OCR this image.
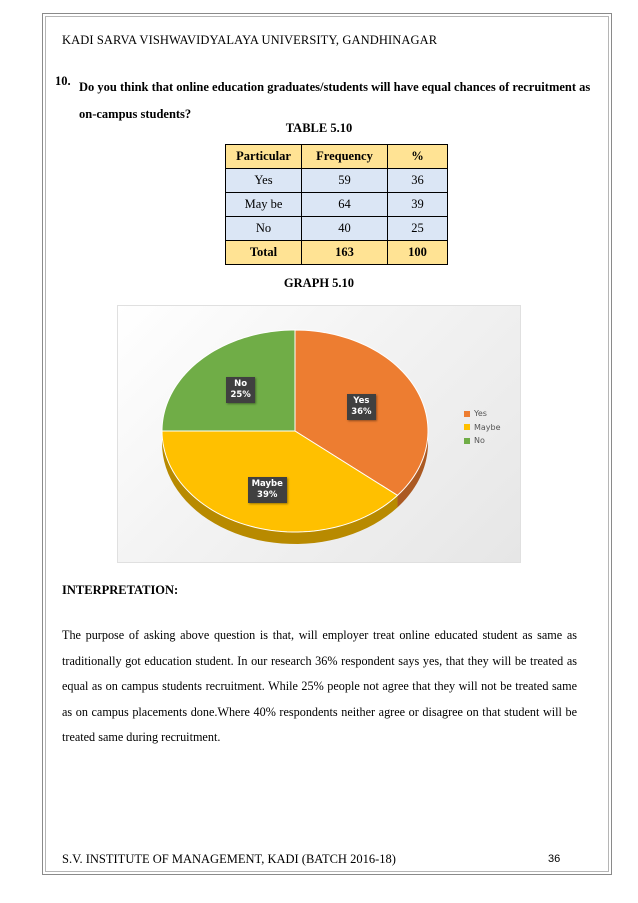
KADI SARVA VISHWAVIDYALAYA UNIVERSITY, GANDHINAGAR
10. Do you think that online education graduates/students will have equal chances of recruitment as on-campus students?
TABLE 5.10
Particular	Frequency	%
Yes	59	36
May be	64	39
No	40	25
Total	163	100
GRAPH 5.10
Yes
36%
Maybe
39%
No
25%
Yes
Maybe
No
INTERPRETATION:

The purpose of asking above question is that, will employer treat online educated student as same as traditionally got education student. In our research 36% respondent says yes, that they will be treated as equal as on campus students recruitment. While 25% people not agree that they will not be treated same as on campus placements done.Where 40% respondents neither agree or disagree on that student will be treated same during recruitment.

S.V. INSTITUTE OF MANAGEMENT, KADI (BATCH 2016-18)	36
